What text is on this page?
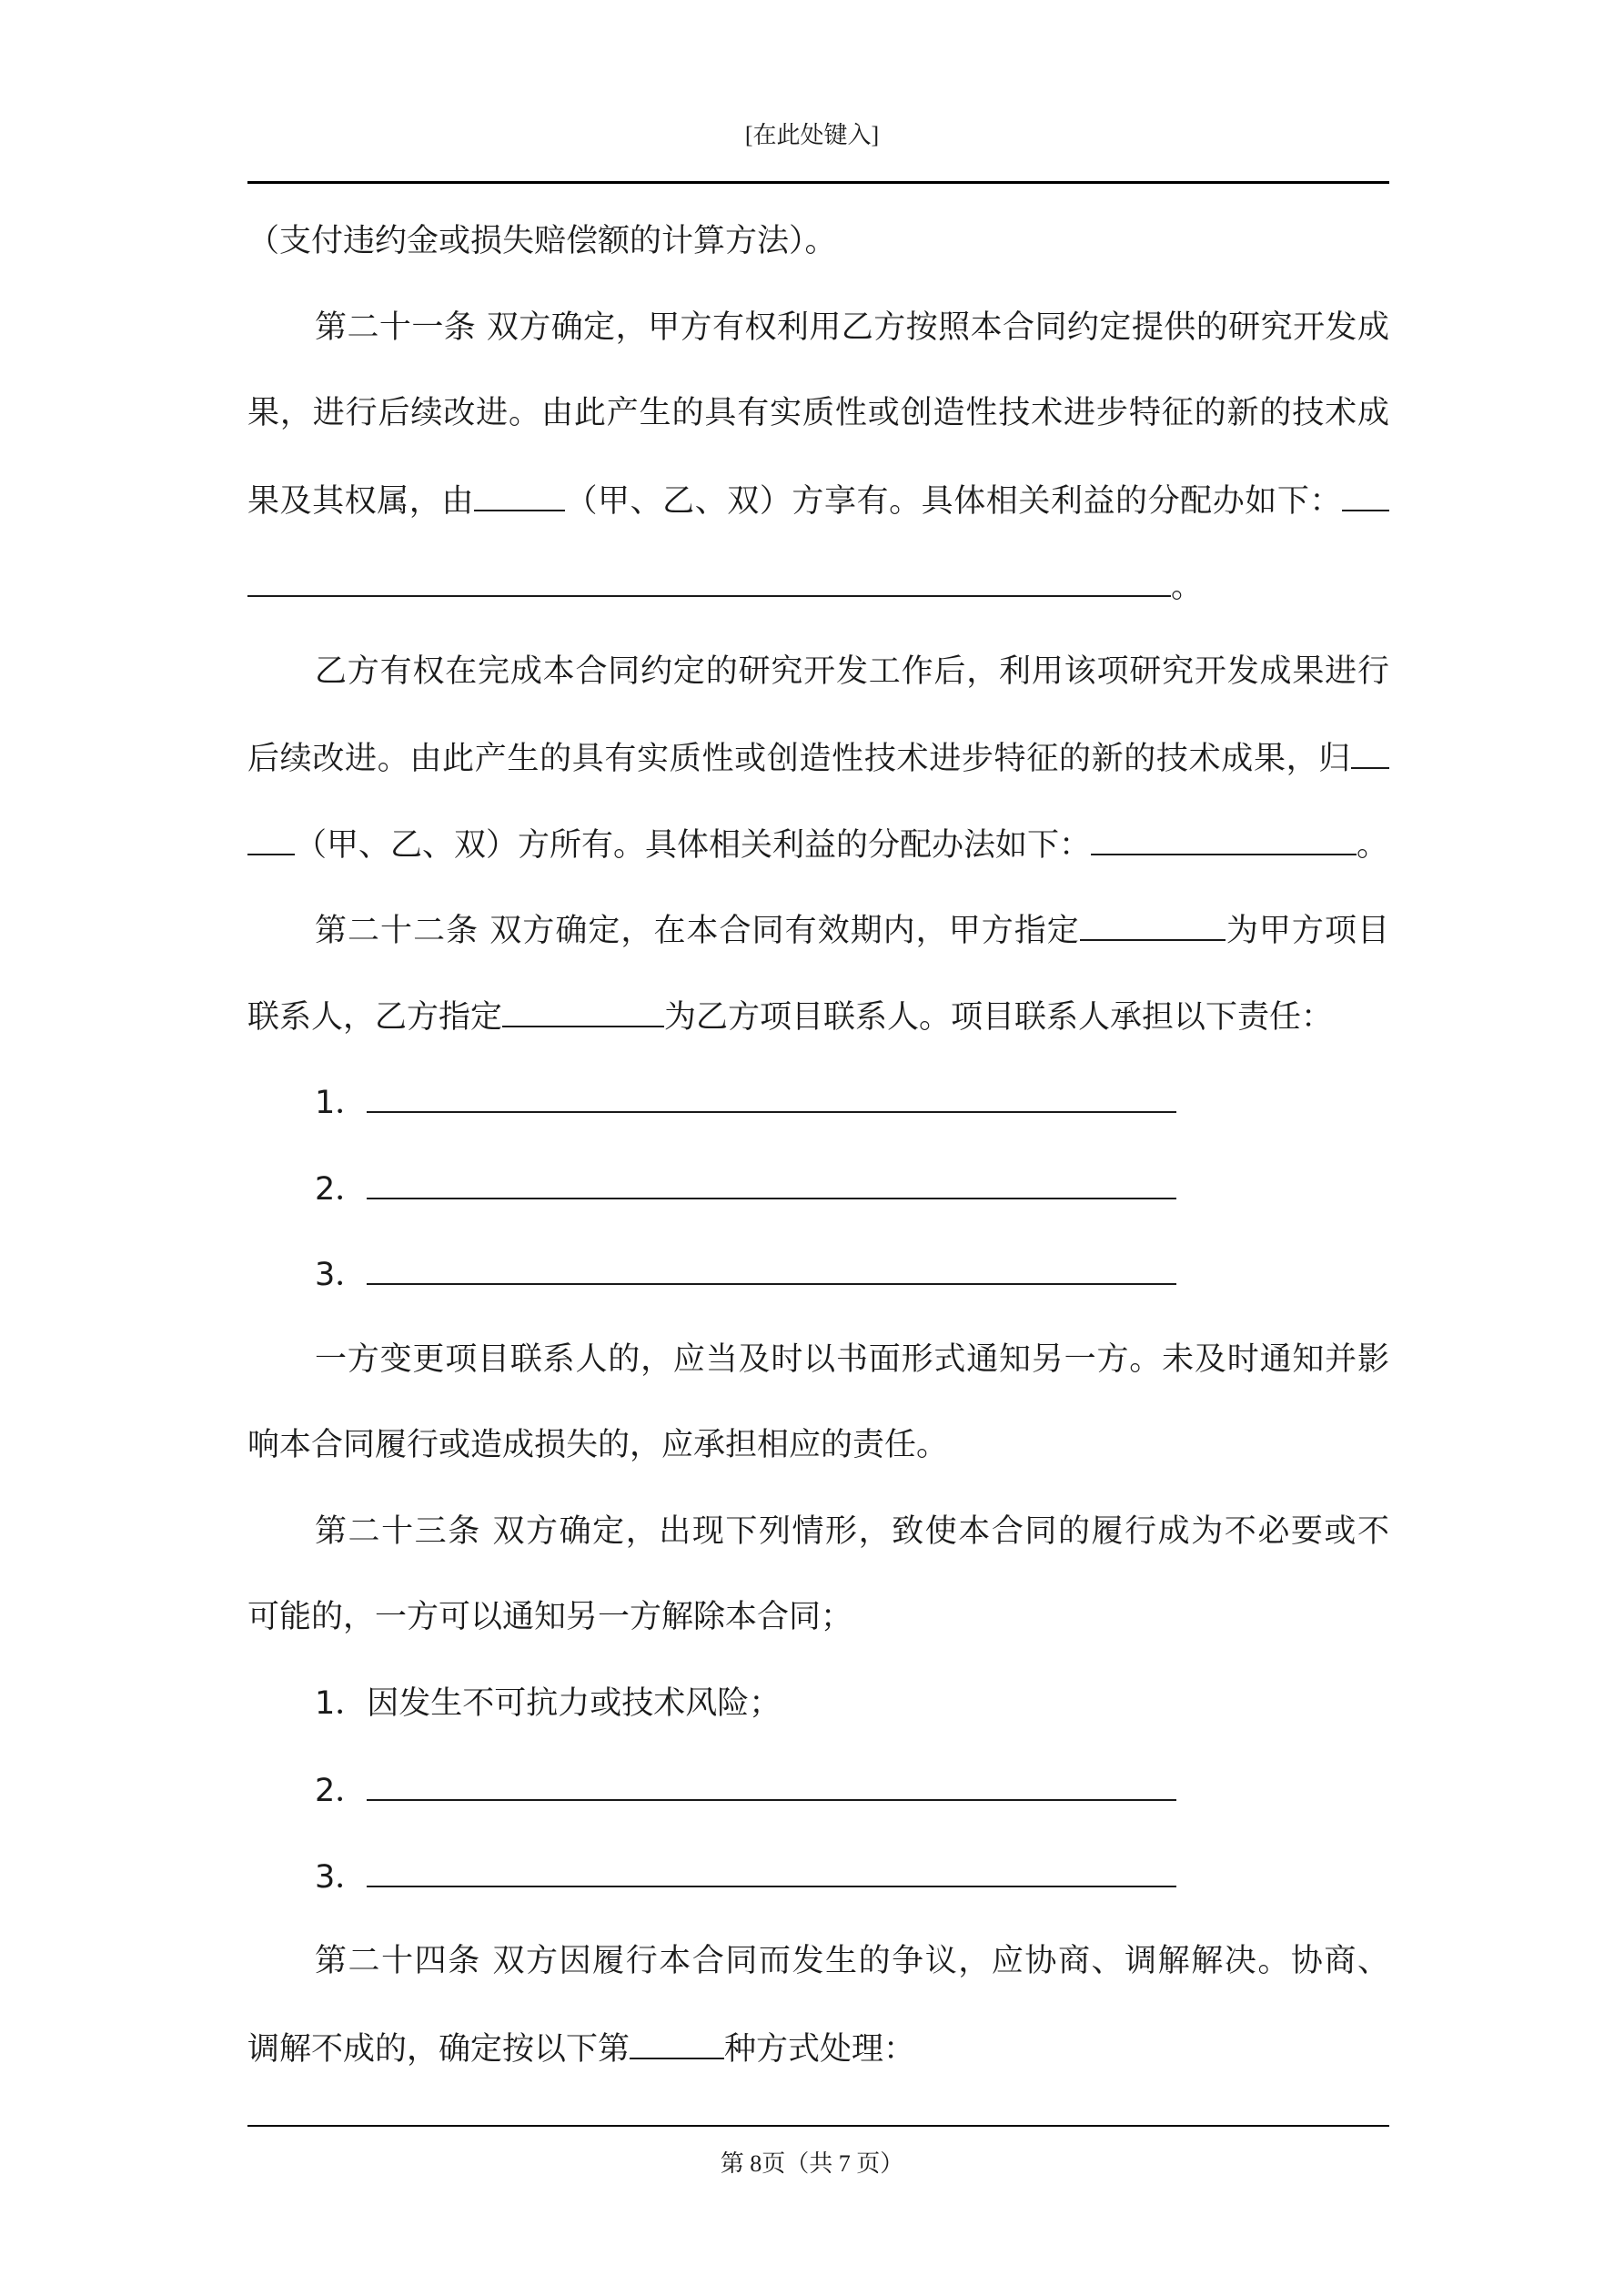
[在此处键入]
（支付违约金或损失赔偿额的计算方法）。
第二十一条 双方确定，甲方有权利用乙方按照本合同约定提供的研究开发成
果，进行后续改进。由此产生的具有实质性或创造性技术进步特征的新的技术成
果及其权属，由	（甲、乙、双）方享有。具体相关利益的分配办如下：
。
乙方有权在完成本合同约定的研究开发工作后，利用该项研究开发成果进行
后续改进。由此产生的具有实质性或创造性技术进步特征的新的技术成果，归
（甲、乙、双）方所有。具体相关利益的分配办法如下：	。
第二十二条 双方确定，在本合同有效期内，甲方指定	为甲方项目
联系人，乙方指定	为乙方项目联系人。项目联系人承担以下责任：
1．
2．
3．
一方变更项目联系人的，应当及时以书面形式通知另一方。未及时通知并影
响本合同履行或造成损失的，应承担相应的责任。
第二十三条 双方确定，出现下列情形，致使本合同的履行成为不必要或不
可能的，一方可以通知另一方解除本合同；
1．因发生不可抗力或技术风险；
2．
3．
第二十四条 双方因履行本合同而发生的争议，应协商、调解解决。协商、
调解不成的，确定按以下第	种方式处理：
第 8页（共 7 页）
